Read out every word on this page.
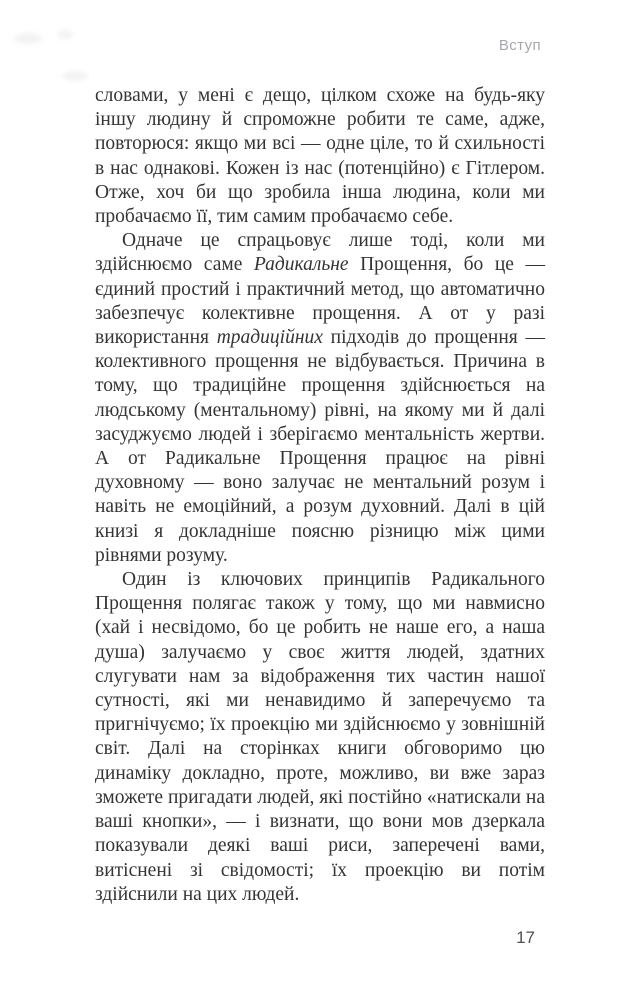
Вступ

словами, у мені є дещо, цілком схоже на будь-яку іншу людину й спроможне робити те саме, адже, повторюся: якщо ми всі — одне ціле, то й схильності в нас однакові. Кожен із нас (потенційно) є Гітлером. Отже, хоч би що зробила інша людина, коли ми пробачаємо її, тим самим пробачаємо себе.

Одначе це спрацьовує лише тоді, коли ми здійснюємо саме Радикальне Прощення, бо це — єдиний простий і практичний метод, що автоматично забезпечує колективне прощення. А от у разі використання традиційних підходів до прощення — колективного прощення не відбувається. Причина в тому, що традиційне прощення здійснюється на людському (ментальному) рівні, на якому ми й далі засуджуємо людей і зберігаємо ментальність жертви. А от Радикальне Прощення працює на рівні духовному — воно залучає не ментальний розум і навіть не емоційний, а розум духовний. Далі в цій книзі я докладніше поясню різницю між цими рівнями розуму.

Один із ключових принципів Радикального Прощення полягає також у тому, що ми навмисно (хай і несвідомо, бо це робить не наше его, а наша душа) залучаємо у своє життя людей, здатних слугувати нам за відображення тих частин нашої сутності, які ми ненавидимо й заперечуємо та пригнічуємо; їх проекцію ми здійснюємо у зовнішній світ. Далі на сторінках книги обговоримо цю динаміку докладно, проте, можливо, ви вже зараз зможете пригадати людей, які постійно «натискали на ваші кнопки», — і визнати, що вони мов дзеркала показували деякі ваші риси, заперечені вами, витіснені зі свідомості; їх проекцію ви потім здійснили на цих людей.

17
